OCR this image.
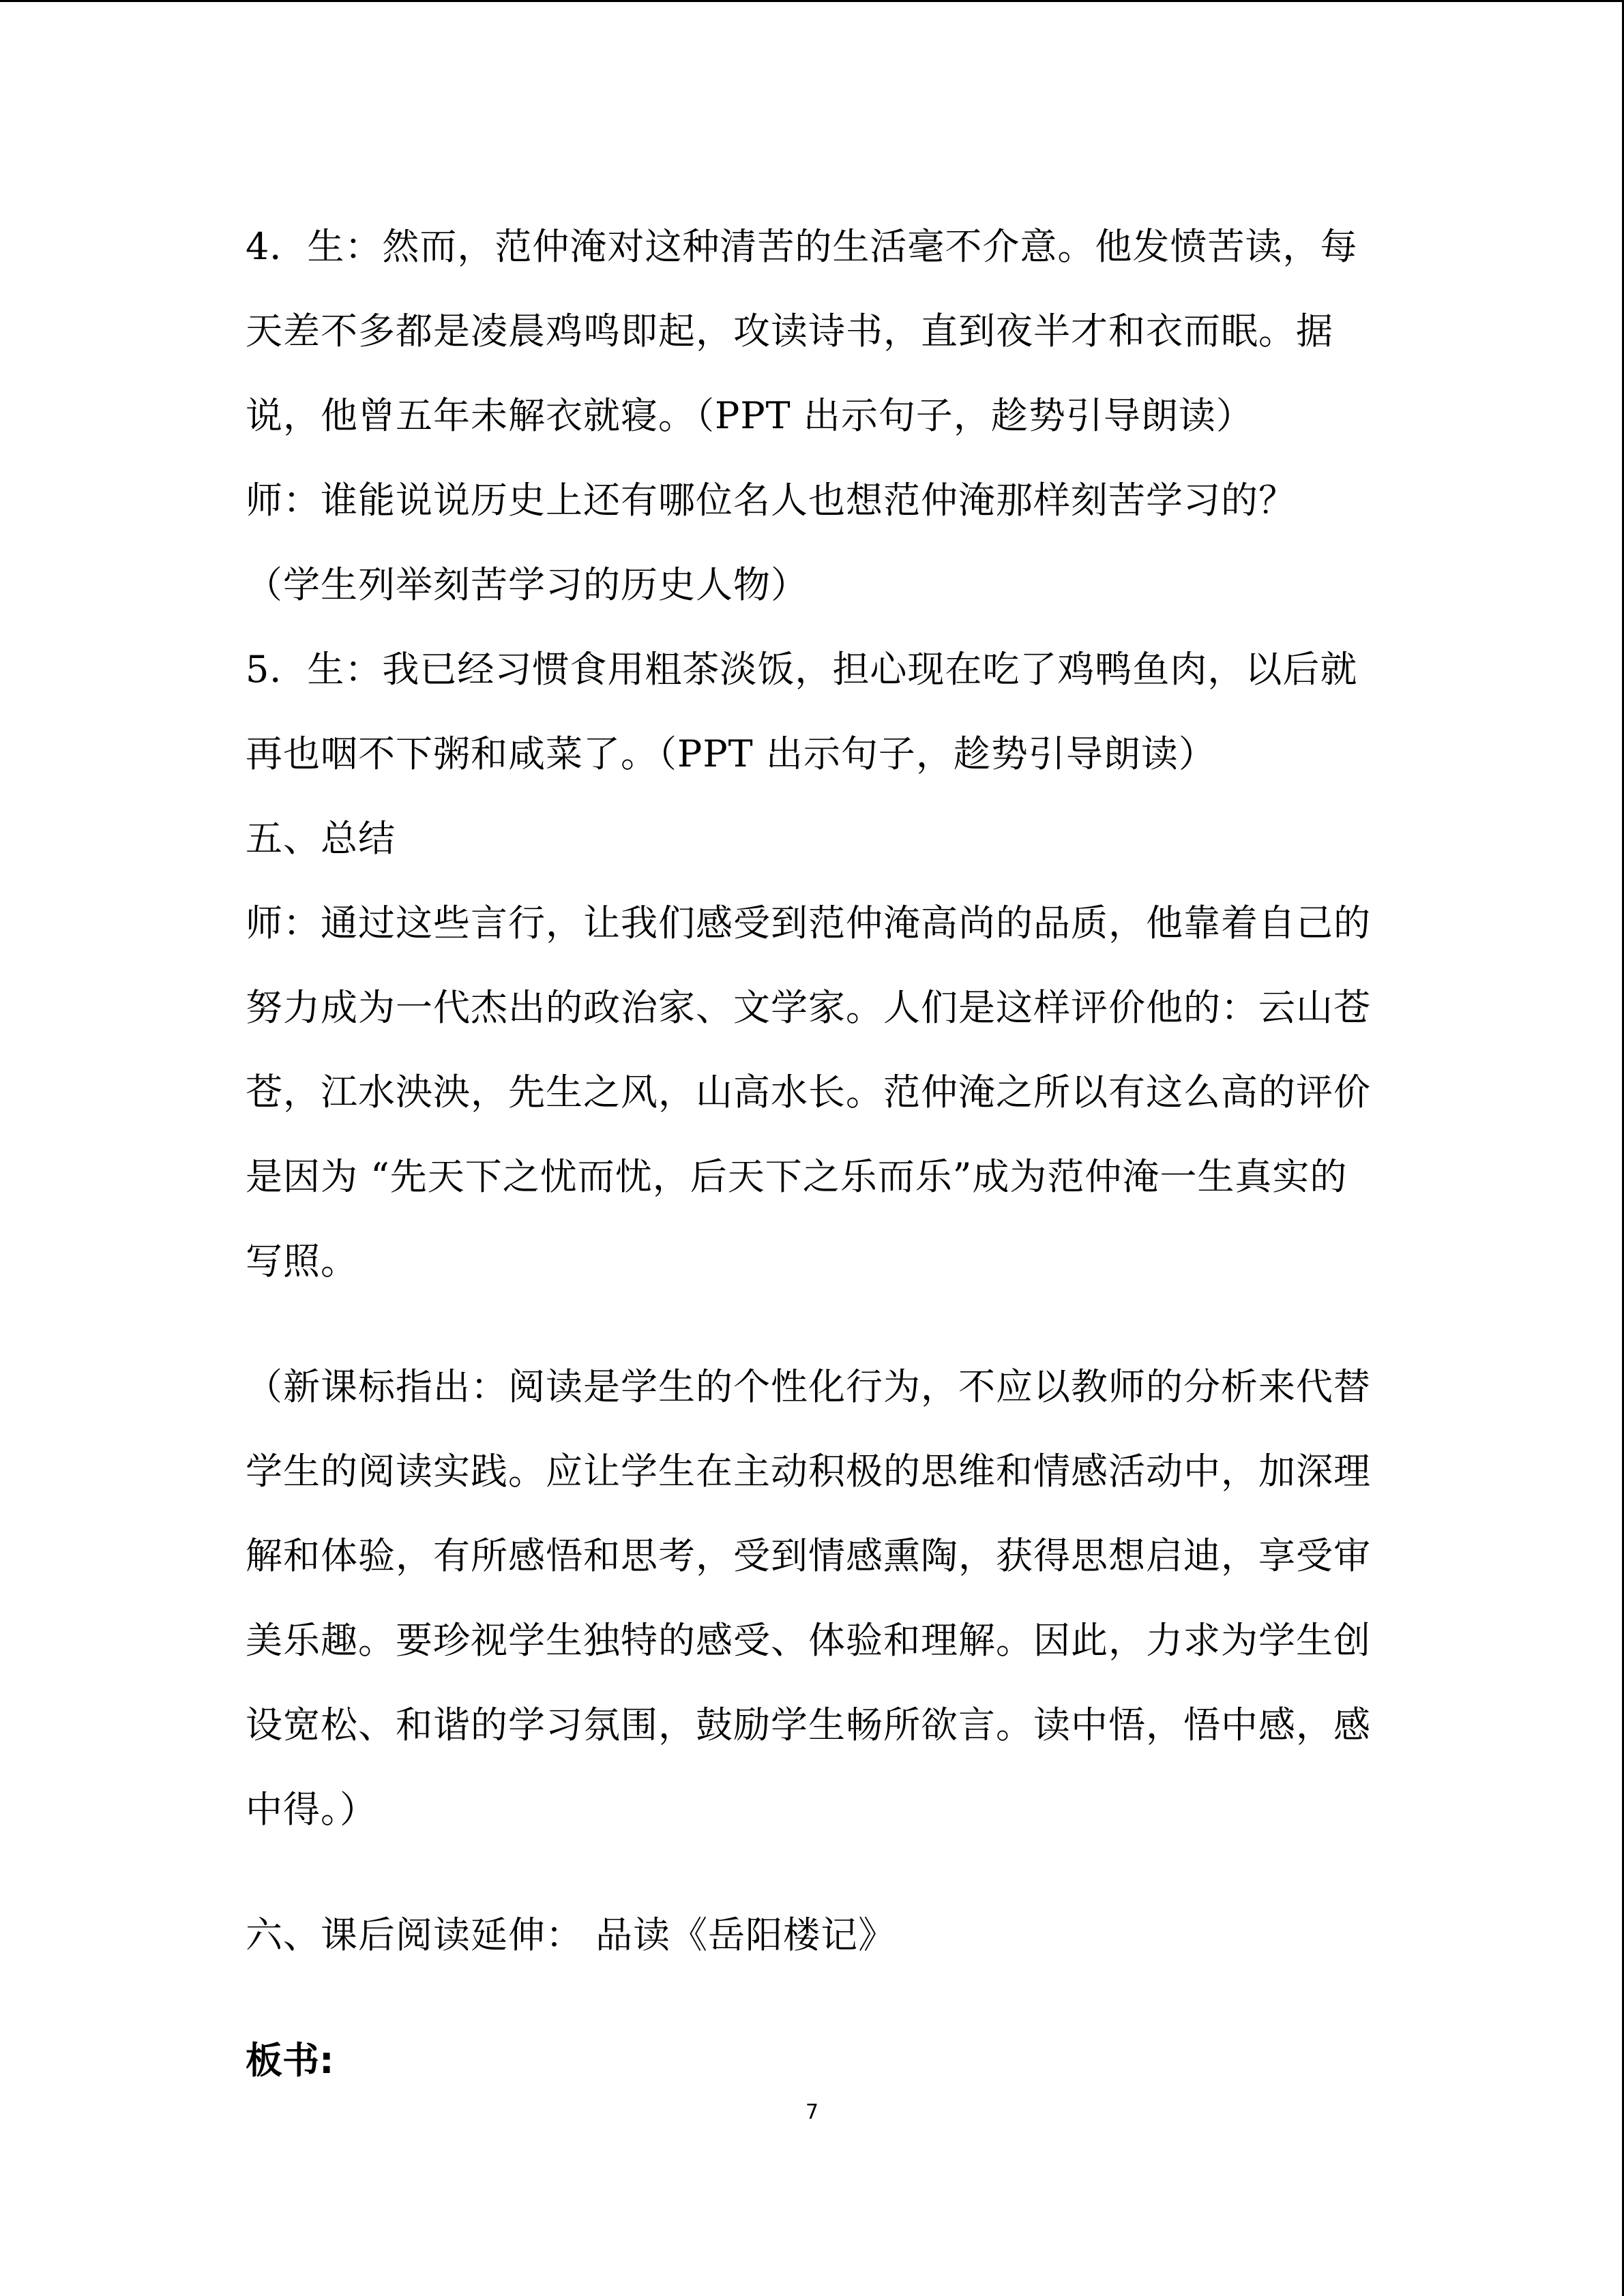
4．生：然而，范仲淹对这种清苦的生活毫不介意。他发愤苦读，每天差不多都是凌晨鸡鸣即起，攻读诗书，直到夜半才和衣而眠。据说，他曾五年未解衣就寝。（PPT 出示句子，趁势引导朗读）

师：谁能说说历史上还有哪位名人也想范仲淹那样刻苦学习的？

（学生列举刻苦学习的历史人物）

5．生：我已经习惯食用粗茶淡饭，担心现在吃了鸡鸭鱼肉，以后就再也咽不下粥和咸菜了。（PPT 出示句子，趁势引导朗读）

五、总结

师：通过这些言行，让我们感受到范仲淹高尚的品质，他靠着自己的努力成为一代杰出的政治家、文学家。人们是这样评价他的：云山苍苍，江水泱泱，先生之风，山高水长。范仲淹之所以有这么高的评价是因为 “先天下之忧而忧，后天下之乐而乐”成为范仲淹一生真实的写照。

（新课标指出：阅读是学生的个性化行为，不应以教师的分析来代替学生的阅读实践。应让学生在主动积极的思维和情感活动中，加深理解和体验，有所感悟和思考，受到情感熏陶，获得思想启迪，享受审美乐趣。要珍视学生独特的感受、体验和理解。因此，力求为学生创设宽松、和谐的学习氛围，鼓励学生畅所欲言。读中悟，悟中感，感中得。）

六、课后阅读延伸： 品读《岳阳楼记》

板书:

7
